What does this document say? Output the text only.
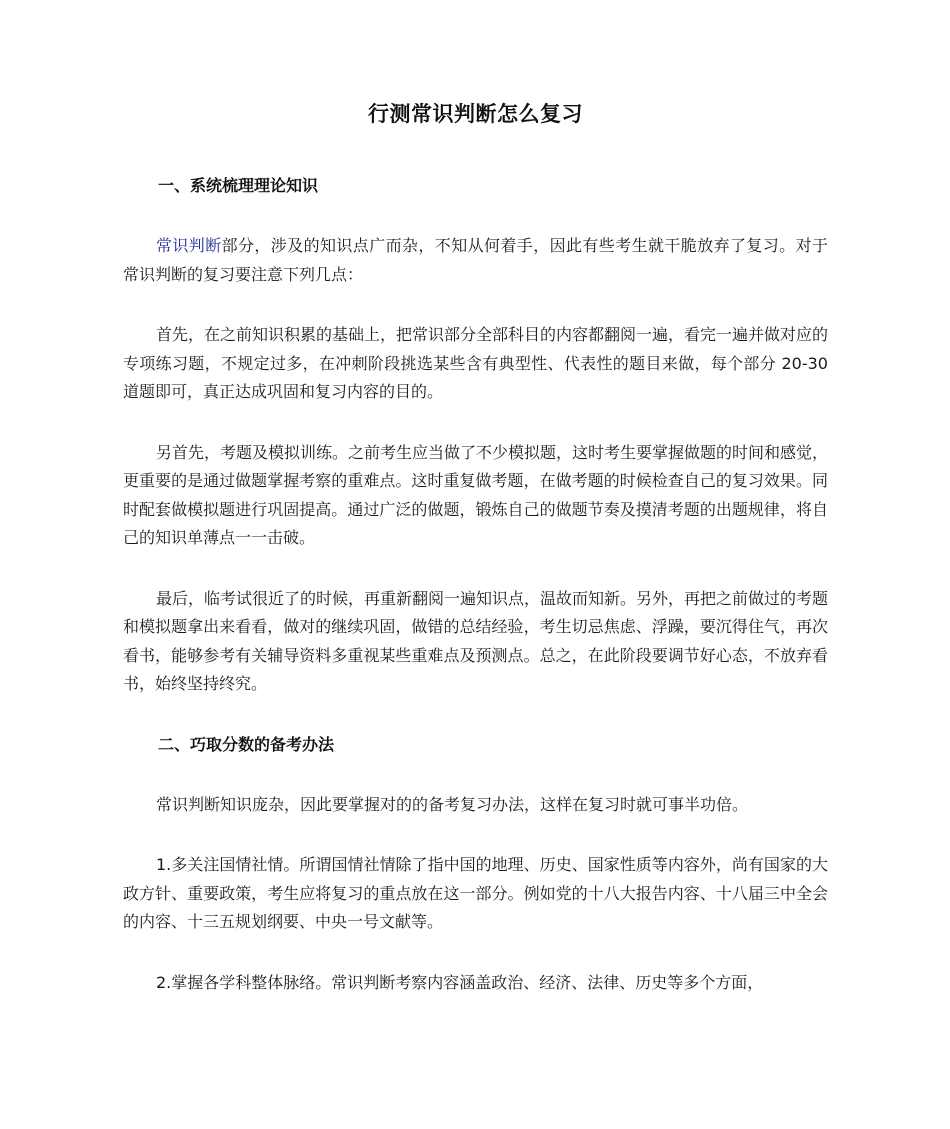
行测常识判断怎么复习
一、系统梳理理论知识

常识判断部分，涉及的知识点广而杂，不知从何着手，因此有些考生就干脆放弃了复习。对于常识判断的复习要注意下列几点：

首先，在之前知识积累的基础上，把常识部分全部科目的内容都翻阅一遍，看完一遍并做对应的专项练习题，不规定过多，在冲刺阶段挑选某些含有典型性、代表性的题目来做，每个部分 20-30 道题即可，真正达成巩固和复习内容的目的。

另首先，考题及模拟训练。之前考生应当做了不少模拟题，这时考生要掌握做题的时间和感觉，更重要的是通过做题掌握考察的重难点。这时重复做考题，在做考题的时候检查自己的复习效果。同时配套做模拟题进行巩固提高。通过广泛的做题，锻炼自己的做题节奏及摸清考题的出题规律，将自己的知识单薄点一一击破。

最后，临考试很近了的时候，再重新翻阅一遍知识点，温故而知新。另外，再把之前做过的考题和模拟题拿出来看看，做对的继续巩固，做错的总结经验，考生切忌焦虑、浮躁，要沉得住气，再次看书，能够参考有关辅导资料多重视某些重难点及预测点。总之，在此阶段要调节好心态，不放弃看书，始终坚持终究。

二、巧取分数的备考办法

常识判断知识庞杂，因此要掌握对的的备考复习办法，这样在复习时就可事半功倍。

1.多关注国情社情。所谓国情社情除了指中国的地理、历史、国家性质等内容外，尚有国家的大政方针、重要政策，考生应将复习的重点放在这一部分。例如党的十八大报告内容、十八届三中全会的内容、十三五规划纲要、中央一号文献等。

2.掌握各学科整体脉络。常识判断考察内容涵盖政治、经济、法律、历史等多个方面，
